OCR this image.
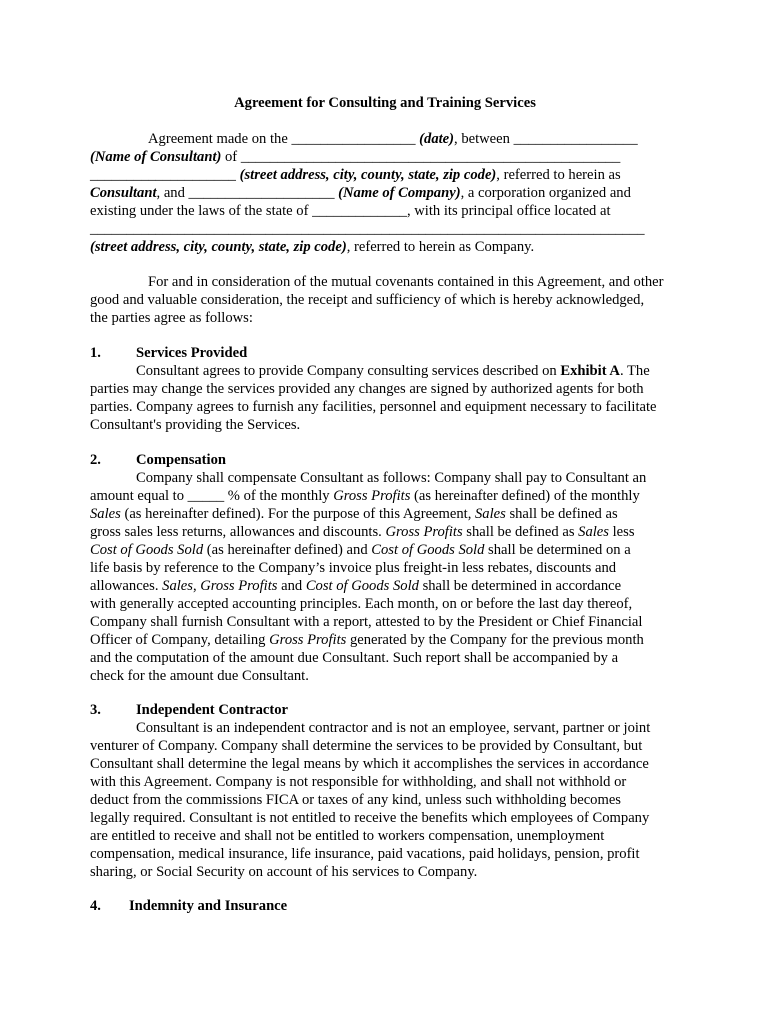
Agreement for Consulting and Training Services

Agreement made on the _________________ (date), between _________________
(Name of Consultant) of ____________________________________________________
____________________ (street address, city, county, state, zip code), referred to herein as
Consultant, and ____________________ (Name of Company), a corporation organized and
existing under the laws of the state of _____________, with its principal office located at
____________________________________________________________________________
(street address, city, county, state, zip code), referred to herein as Company.

For and in consideration of the mutual covenants contained in this Agreement, and other
good and valuable consideration, the receipt and sufficiency of which is hereby acknowledged,
the parties agree as follows:

1. Services Provided

Consultant agrees to provide Company consulting services described on Exhibit A. The
parties may change the services provided any changes are signed by authorized agents for both
parties. Company agrees to furnish any facilities, personnel and equipment necessary to facilitate
Consultant's providing the Services.

2. Compensation

Company shall compensate Consultant as follows: Company shall pay to Consultant an
amount equal to _____ % of the monthly Gross Profits (as hereinafter defined) of the monthly
Sales (as hereinafter defined). For the purpose of this Agreement, Sales shall be defined as
gross sales less returns, allowances and discounts. Gross Profits shall be defined as Sales less
Cost of Goods Sold (as hereinafter defined) and Cost of Goods Sold shall be determined on a
life basis by reference to the Company’s invoice plus freight-in less rebates, discounts and
allowances. Sales, Gross Profits and Cost of Goods Sold shall be determined in accordance
with generally accepted accounting principles. Each month, on or before the last day thereof,
Company shall furnish Consultant with a report, attested to by the President or Chief Financial
Officer of Company, detailing Gross Profits generated by the Company for the previous month
and the computation of the amount due Consultant. Such report shall be accompanied by a
check for the amount due Consultant.

3. Independent Contractor

Consultant is an independent contractor and is not an employee, servant, partner or joint
venturer of Company. Company shall determine the services to be provided by Consultant, but
Consultant shall determine the legal means by which it accomplishes the services in accordance
with this Agreement. Company is not responsible for withholding, and shall not withhold or
deduct from the commissions FICA or taxes of any kind, unless such withholding becomes
legally required. Consultant is not entitled to receive the benefits which employees of Company
are entitled to receive and shall not be entitled to workers compensation, unemployment
compensation, medical insurance, life insurance, paid vacations, paid holidays, pension, profit
sharing, or Social Security on account of his services to Company.

4. Indemnity and Insurance
